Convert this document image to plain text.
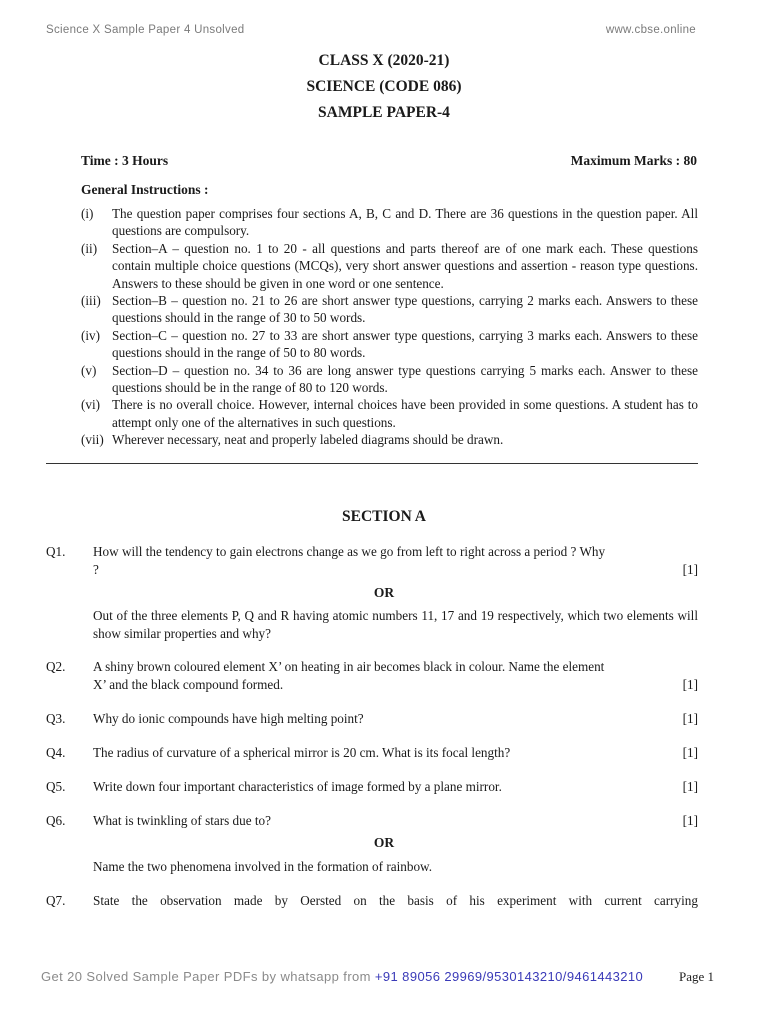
Science X Sample Paper 4 Unsolved	www.cbse.online
CLASS X (2020-21)
SCIENCE (CODE 086)
SAMPLE PAPER-4
Time : 3 Hours	Maximum Marks : 80
General Instructions :
(i)	The question paper comprises four sections A, B, C and D. There are 36 questions in the question paper. All questions are compulsory.
(ii)	Section–A – question no. 1 to 20 - all questions and parts thereof are of one mark each. These questions contain multiple choice questions (MCQs), very short answer questions and assertion - reason type questions. Answers to these should be given in one word or one sentence.
(iii) Section–B – question no. 21 to 26 are short answer type questions, carrying 2 marks each. Answers to these questions should in the range of 30 to 50 words.
(iv) Section–C – question no. 27 to 33 are short answer type questions, carrying 3 marks each. Answers to these questions should in the range of 50 to 80 words.
(v)	Section–D – question no. 34 to 36 are long answer type questions carrying 5 marks each. Answer to these questions should be in the range of 80 to 120 words.
(vi) There is no overall choice. However, internal choices have been provided in some questions. A student has to attempt only one of the alternatives in such questions.
(vii) Wherever necessary, neat and properly labeled diagrams should be drawn.
SECTION A
Q1. How will the tendency to gain electrons change as we go from left to right across a period ? Why
?	[1]
OR
Out of the three elements P, Q and R having atomic numbers 11, 17 and 19 respectively, which two elements will show similar properties and why?
Q2. A shiny brown coloured element X’ on heating in air becomes black in colour. Name the element
X’ and the black compound formed.	[1]
Q3. Why do ionic compounds have high melting point?	[1]
Q4. The radius of curvature of a spherical mirror is 20 cm. What is its focal length?	[1]
Q5. Write down four important characteristics of image formed by a plane mirror.	[1]
Q6. What is twinkling of stars due to?	[1]
OR
Name the two phenomena involved in the formation of rainbow.
Q7. State the observation made by Oersted on the basis of his experiment with current carrying
Get 20 Solved Sample Paper PDFs by whatsapp from +91 89056 29969/9530143210/9461443210	Page 1
